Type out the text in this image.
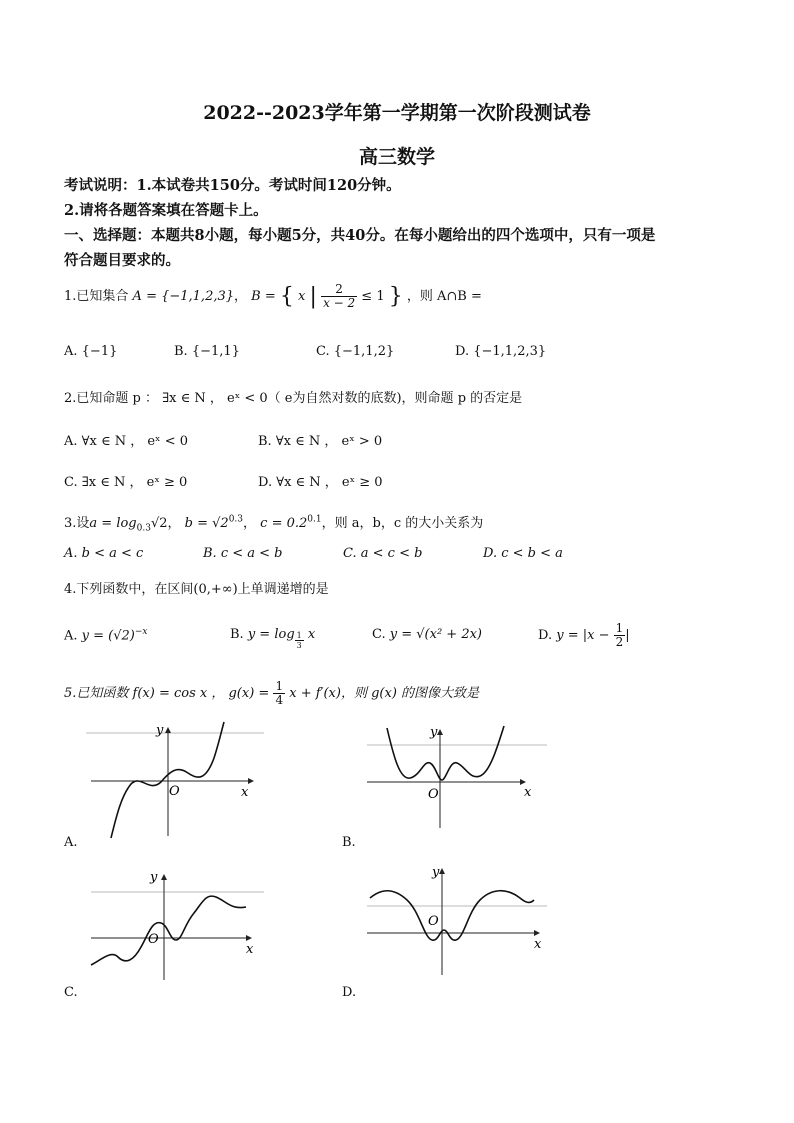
2022--2023学年第一学期第一次阶段测试卷
高三数学
考试说明：1.本试卷共150分。考试时间120分钟。
2.请将各题答案填在答题卡上。
一、选择题：本题共8小题，每小题5分，共40分。在每小题给出的四个选项中，只有一项是
符合题目要求的。
1.已知集合 A = {−1,1,2,3}， B = { x | $\frac{2}{x - 2} \le 1$ } ，则 A∩B =
A. {−1}	B. {−1,1}	C. {−1,1,2}	D. {−1,1,2,3}
2.已知命题 p ： ∃x ∈ N ， eˣ < 0（ e为自然对数的底数)，则命题 p 的否定是
A. ∀x ∈ N ， eˣ < 0	B. ∀x ∈ N ， eˣ > 0
C. ∃x ∈ N ， eˣ ≥ 0	D. ∀x ∈ N ， eˣ ≥ 0
3.设$a = \log_{0.3}√2$， $b = √2^{0.3}$， $c = 0.2^{0.1}$，则 a，b，c 的大小关系为
A. b < a < c	B. c < a < b	C. a < c < b	D. c < b < a
4.下列函数中，在区间(0,+∞)上单调递增的是
A. $y = (√2)^{-x}$	B. $y = \log \frac{1}{3}$ x	C. y = √(x² + 2x)	D. $y = |x - \frac{1}{2}$ |
5.已知函数 f(x) = cos x ， $g(x) = \frac{1}{4}$ x + f′(x)，则 g(x) 的图像大致是
y
x
O
A.
y
x
O
B.
y
x
O
C.
y
x
O
D.
